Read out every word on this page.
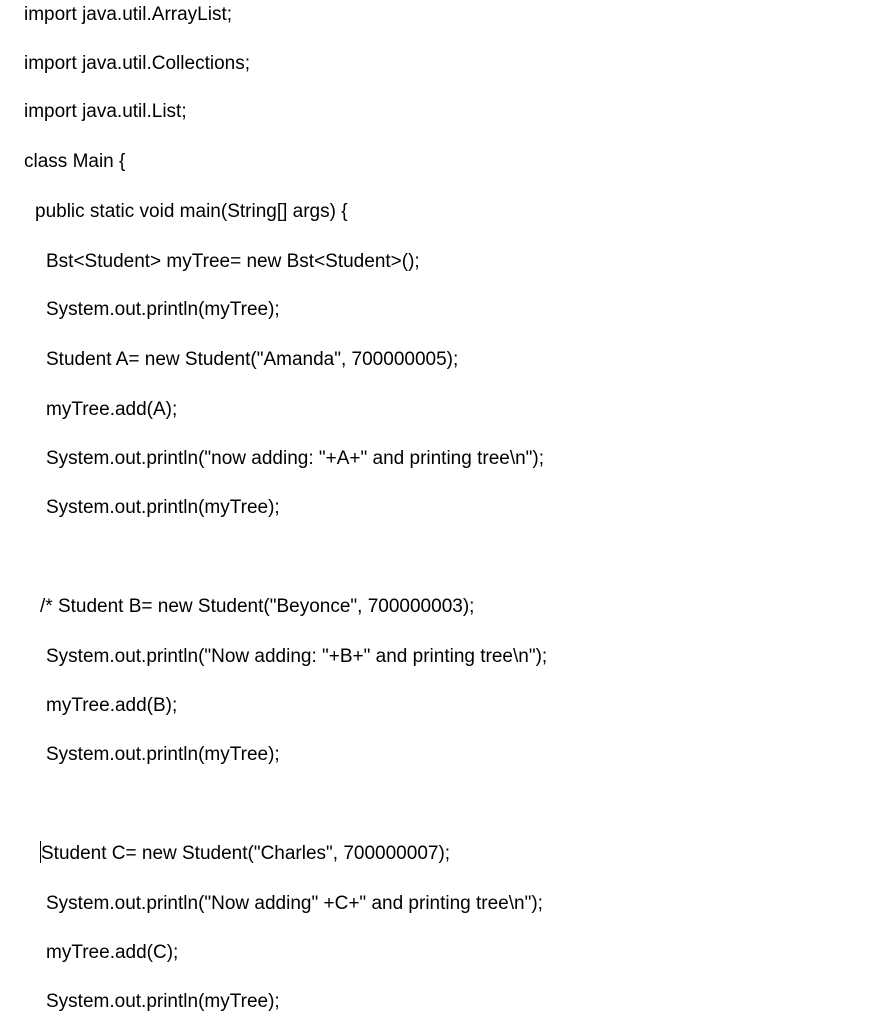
import java.util.ArrayList;
import java.util.Collections;
import java.util.List;
class Main {
public static void main(String[] args) {
Bst<Student> myTree= new Bst<Student>();
System.out.println(myTree);
Student A= new Student("Amanda", 700000005);
myTree.add(A);
System.out.println("now adding: "+A+" and printing tree\n");
System.out.println(myTree);
/* Student B= new Student("Beyonce", 700000003);
System.out.println("Now adding: "+B+" and printing tree\n");
myTree.add(B);
System.out.println(myTree);
Student C= new Student("Charles", 700000007);
System.out.println("Now adding" +C+" and printing tree\n");
myTree.add(C);
System.out.println(myTree);
